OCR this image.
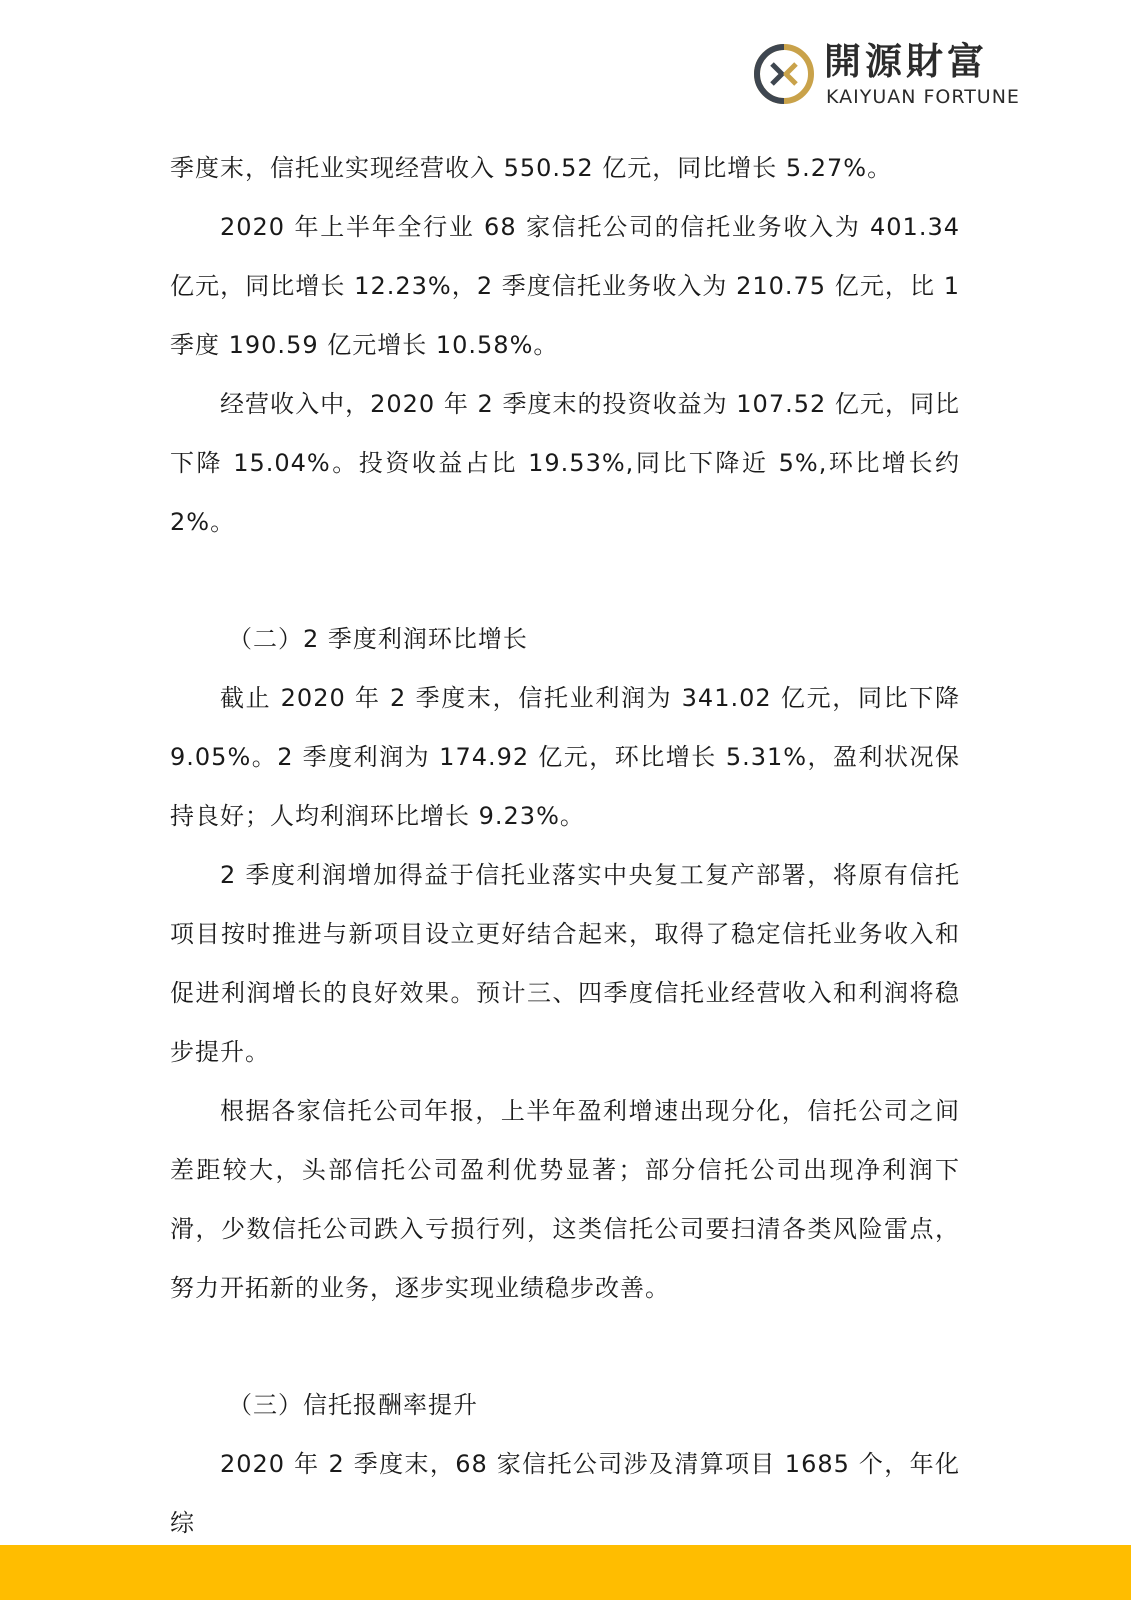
開源財富
KAIYUAN FORTUNE

季度末，信托业实现经营收入 550.52 亿元，同比增长 5.27%。

2020 年上半年全行业 68 家信托公司的信托业务收入为 401.34 亿元，同比增长 12.23%，2 季度信托业务收入为 210.75 亿元，比 1 季度 190.59 亿元增长 10.58%。

经营收入中，2020 年 2 季度末的投资收益为 107.52 亿元，同比下降 15.04%。投资收益占比 19.53%,同比下降近 5%,环比增长约 2%。

（二）2 季度利润环比增长

截止 2020 年 2 季度末，信托业利润为 341.02 亿元，同比下降 9.05%。2 季度利润为 174.92 亿元，环比增长 5.31%，盈利状况保持良好；人均利润环比增长 9.23%。

2 季度利润增加得益于信托业落实中央复工复产部署，将原有信托项目按时推进与新项目设立更好结合起来，取得了稳定信托业务收入和促进利润增长的良好效果。预计三、四季度信托业经营收入和利润将稳步提升。

根据各家信托公司年报，上半年盈利增速出现分化，信托公司之间差距较大，头部信托公司盈利优势显著；部分信托公司出现净利润下滑，少数信托公司跌入亏损行列，这类信托公司要扫清各类风险雷点，努力开拓新的业务，逐步实现业绩稳步改善。

（三）信托报酬率提升

2020 年 2 季度末，68 家信托公司涉及清算项目 1685 个，年化综
